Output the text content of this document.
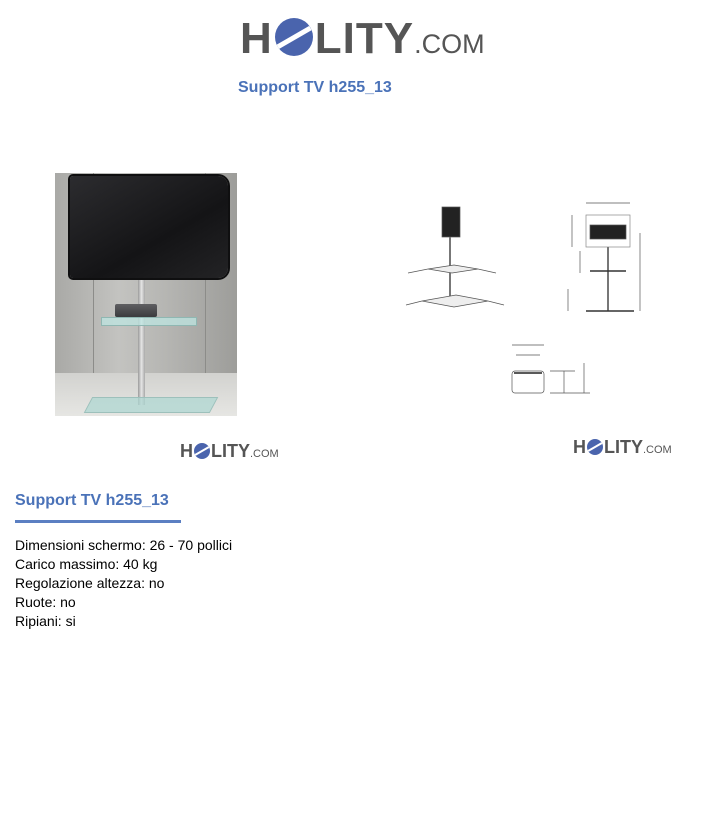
H LITY .COM
Support TV h255_13
H LITY .COM	H LITY .COM
Support TV h255_13
Dimensioni schermo: 26 - 70 pollici
Carico massimo: 40 kg
Regolazione altezza: no
Ruote: no
Ripiani: si
